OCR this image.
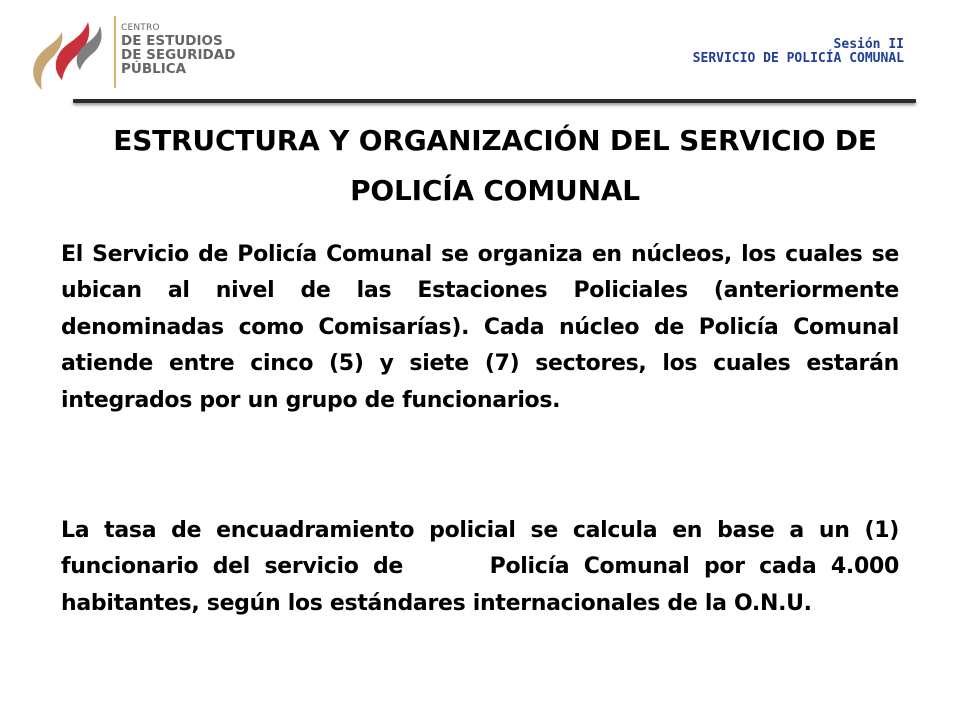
CENTRO
DE ESTUDIOS
DE SEGURIDAD
PÚBLICA
Sesión II
SERVICIO DE POLICÍA COMUNAL
ESTRUCTURA Y ORGANIZACIÓN DEL SERVICIO DE POLICÍA COMUNAL
El Servicio de Policía Comunal se organiza en núcleos, los cuales se ubican al nivel de las Estaciones Policiales (anteriormente denominadas como Comisarías). Cada núcleo de Policía Comunal atiende entre cinco (5) y siete (7) sectores, los cuales estarán integrados por un grupo de funcionarios.
La tasa de encuadramiento policial se calcula en base a un (1) funcionario del servicio de      Policía Comunal por cada 4.000 habitantes, según los estándares internacionales de la O.N.U.
